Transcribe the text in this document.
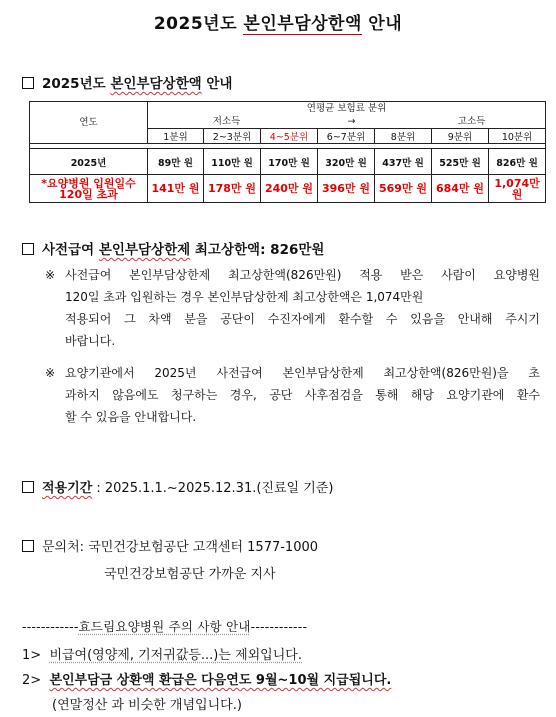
2025년도 본인부담상한액 안내
2025년도 본인부담상한액 안내
연도	연평균 보험료 분위						
	저소득 → 고소득						
	1분위	2~3분위	4~5분위	6~7분위	8분위	9분위	10분위

2025년	89만 원	110만 원	170만 원	320만 원	437만 원	525만 원	826만 원
*요양병원 입원일수 120일 초과	141만 원	178만 원	240만 원	396만 원	569만 원	684만 원	1,074만 원
사전급여 본인부담상한제 최고상한액: 826만원
※ 사전급여 본인부담상한제 최고상한액(826만원) 적용 받은 사람이 요양병원
120일 초과 입원하는 경우 본인부담상한제 최고상한액은 1,074만원
적용되어 그 차액 분을 공단이 수진자에게 환수할 수 있음을 안내해 주시기
바랍니다.
※ 요양기관에서 2025년 사전급여 본인부담상한제 최고상한액(826만원)을 초
과하지 않음에도 청구하는 경우, 공단 사후점검을 통해 해당 요양기관에 환수
할 수 있음을 안내합니다.
적용기간 : 2025.1.1.~2025.12.31.(진료일 기준)
문의처: 국민건강보험공단 고객센터 1577-1000
국민건강보험공단 가까운 지사
------------효드림요양병원 주의 사항 안내------------
1> 비급여(영양제, 기저귀값등...)는 제외입니다.
2> 본인부담금 상환액 환급은 다음연도 9월~10월 지급됩니다.
(연말정산 과 비슷한 개념입니다.)
